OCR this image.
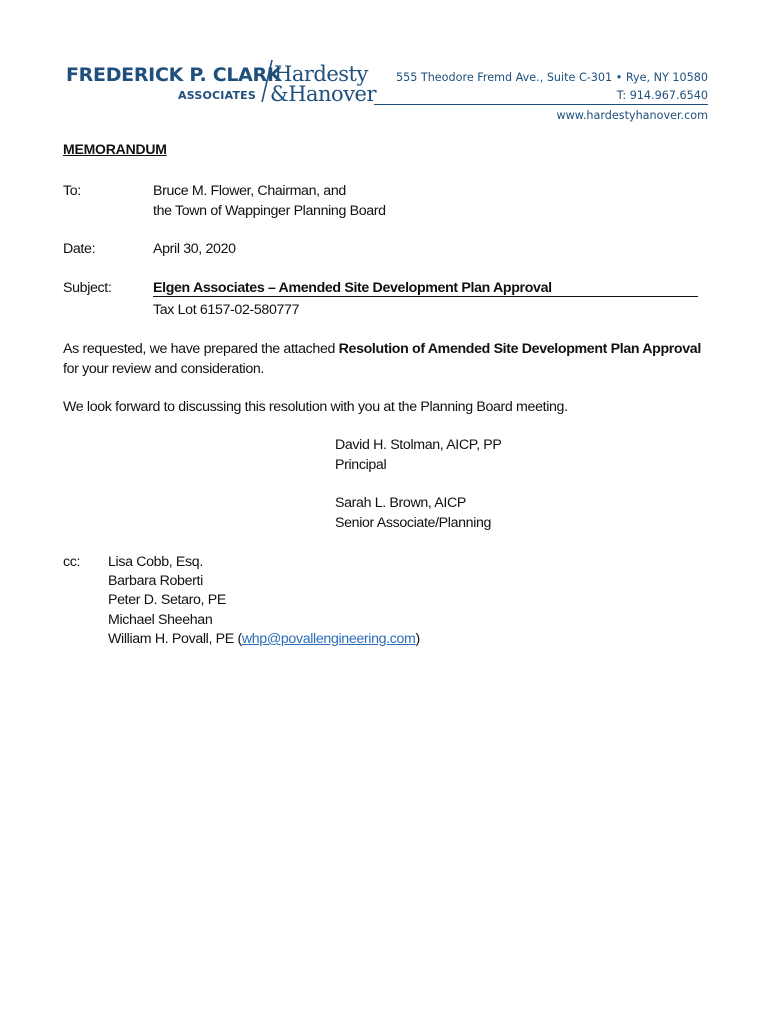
FREDERICK P. CLARK
ASSOCIATES
Hardesty
&Hanover
555 Theodore Fremd Ave., Suite C-301 • Rye, NY 10580
T: 914.967.6540
www.hardestyhanover.com
MEMORANDUM
To:	Bruce M. Flower, Chairman, and
the Town of Wappinger Planning Board
Date:	April 30, 2020
Subject:	Elgen Associates – Amended Site Development Plan Approval
Tax Lot 6157-02-580777
As requested, we have prepared the attached Resolution of Amended Site Development Plan Approval
for your review and consideration.
We look forward to discussing this resolution with you at the Planning Board meeting.
David H. Stolman, AICP, PP
Principal
Sarah L. Brown, AICP
Senior Associate/Planning
cc: Lisa Cobb, Esq.
Barbara Roberti
Peter D. Setaro, PE
Michael Sheehan
William H. Povall, PE (whp@povallengineering.com)
